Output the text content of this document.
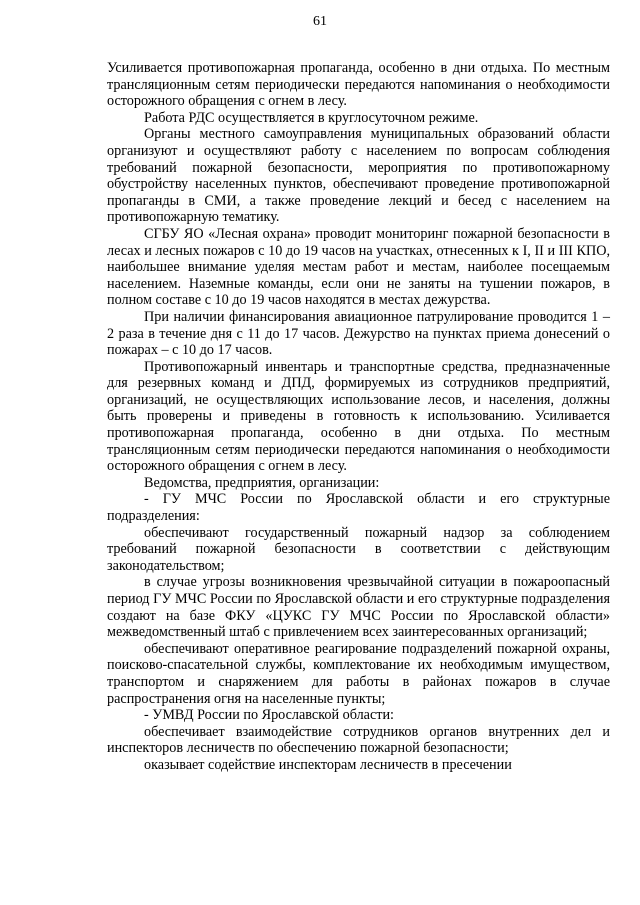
61

Усиливается противопожарная пропаганда, особенно в дни отдыха. По местным трансляционным сетям периодически передаются напоминания о необходимости осторожного обращения с огнем в лесу.

Работа РДС осуществляется в круглосуточном режиме.

Органы местного самоуправления муниципальных образований области организуют и осуществляют работу с населением по вопросам соблюдения требований пожарной безопасности, мероприятия по противопожарному обустройству населенных пунктов, обеспечивают проведение противопожарной пропаганды в СМИ, а также проведение лекций и бесед с населением на противопожарную тематику.

СГБУ ЯО «Лесная охрана» проводит мониторинг пожарной безопасности в лесах и лесных пожаров с 10 до 19 часов на участках, отнесенных к I, II и III КПО, наибольшее внимание уделяя местам работ и местам, наиболее посещаемым населением. Наземные команды, если они не заняты на тушении пожаров, в полном составе с 10 до 19 часов находятся в местах дежурства.

При наличии финансирования авиационное патрулирование проводится 1 – 2 раза в течение дня с 11 до 17 часов. Дежурство на пунктах приема донесений о пожарах – с 10 до 17 часов.

Противопожарный инвентарь и транспортные средства, предназначенные для резервных команд и ДПД, формируемых из сотрудников предприятий, организаций, не осуществляющих использование лесов, и населения, должны быть проверены и приведены в готовность к использованию. Усиливается противопожарная пропаганда, особенно в дни отдыха. По местным трансляционным сетям периодически передаются напоминания о необходимости осторожного обращения с огнем в лесу.

Ведомства, предприятия, организации:

- ГУ МЧС России по Ярославской области и его структурные подразделения:

обеспечивают государственный пожарный надзор за соблюдением требований пожарной безопасности в соответствии с действующим законодательством;

в случае угрозы возникновения чрезвычайной ситуации в пожароопасный период ГУ МЧС России по Ярославской области и его структурные подразделения создают на базе ФКУ «ЦУКС ГУ МЧС России по Ярославской области» межведомственный штаб с привлечением всех заинтересованных организаций;

обеспечивают оперативное реагирование подразделений пожарной охраны, поисково-спасательной службы, комплектование их необходимым имуществом, транспортом и снаряжением для работы в районах пожаров в случае распространения огня на населенные пункты;

- УМВД России по Ярославской области:

обеспечивает взаимодействие сотрудников органов внутренних дел и инспекторов лесничеств по обеспечению пожарной безопасности;

оказывает содействие инспекторам лесничеств в пресечении
